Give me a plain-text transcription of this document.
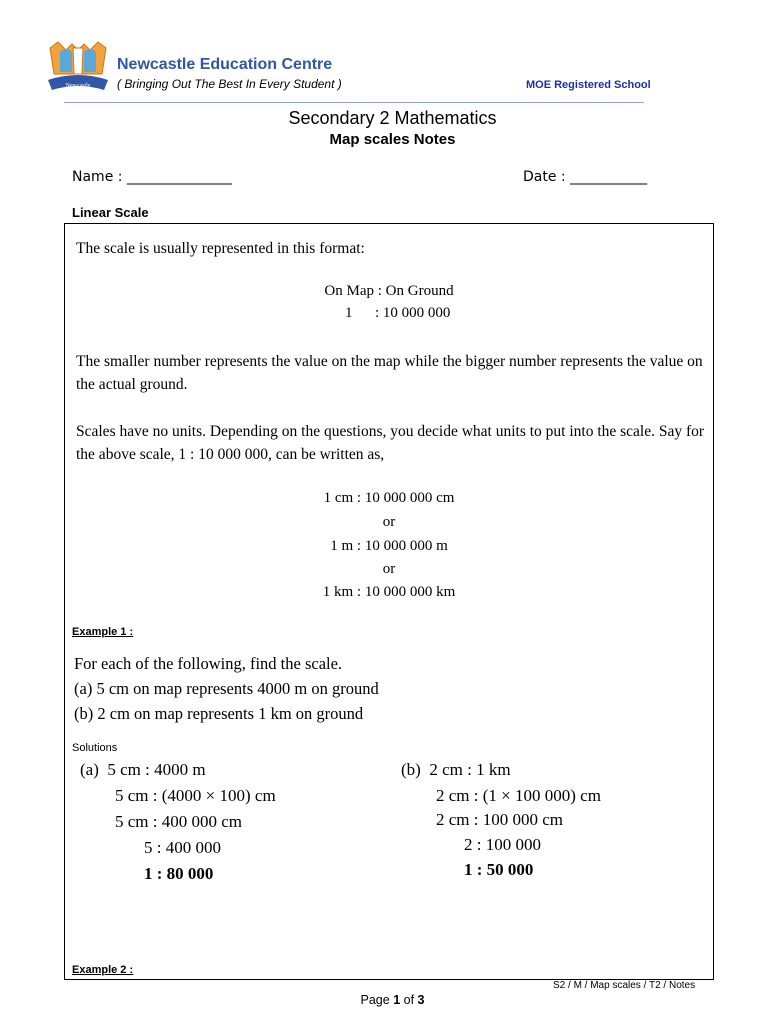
Newcastle
Newcastle Education Centre
( Bringing Out The Best In Every Student )	MOE Registered School
Secondary 2 Mathematics
Map scales Notes
Name : _______________	Date : ___________
Linear Scale
The scale is usually represented in this format:
On Map : On Ground
1      : 10 000 000
The smaller number represents the value on the map while the bigger number represents the value on the actual ground.
Scales have no units. Depending on the questions, you decide what units to put into the scale. Say for the above scale, 1 : 10 000 000, can be written as,
1 cm : 10 000 000 cm
or
1 m : 10 000 000 m
or
1 km : 10 000 000 km
Example 1 :
For each of the following, find the scale.
(a) 5 cm on map represents 4000 m on ground
(b) 2 cm on map represents 1 km on ground
Solutions
(a)  5 cm : 4000 m
5 cm : (4000 × 100) cm
5 cm : 400 000 cm
5 : 400 000
1 : 80 000
(b)  2 cm : 1 km
2 cm : (1 × 100 000) cm
2 cm : 100 000 cm
2 : 100 000
1 : 50 000
Example 2 :
S2 / M / Map scales / T2 / Notes
Page 1 of 3
